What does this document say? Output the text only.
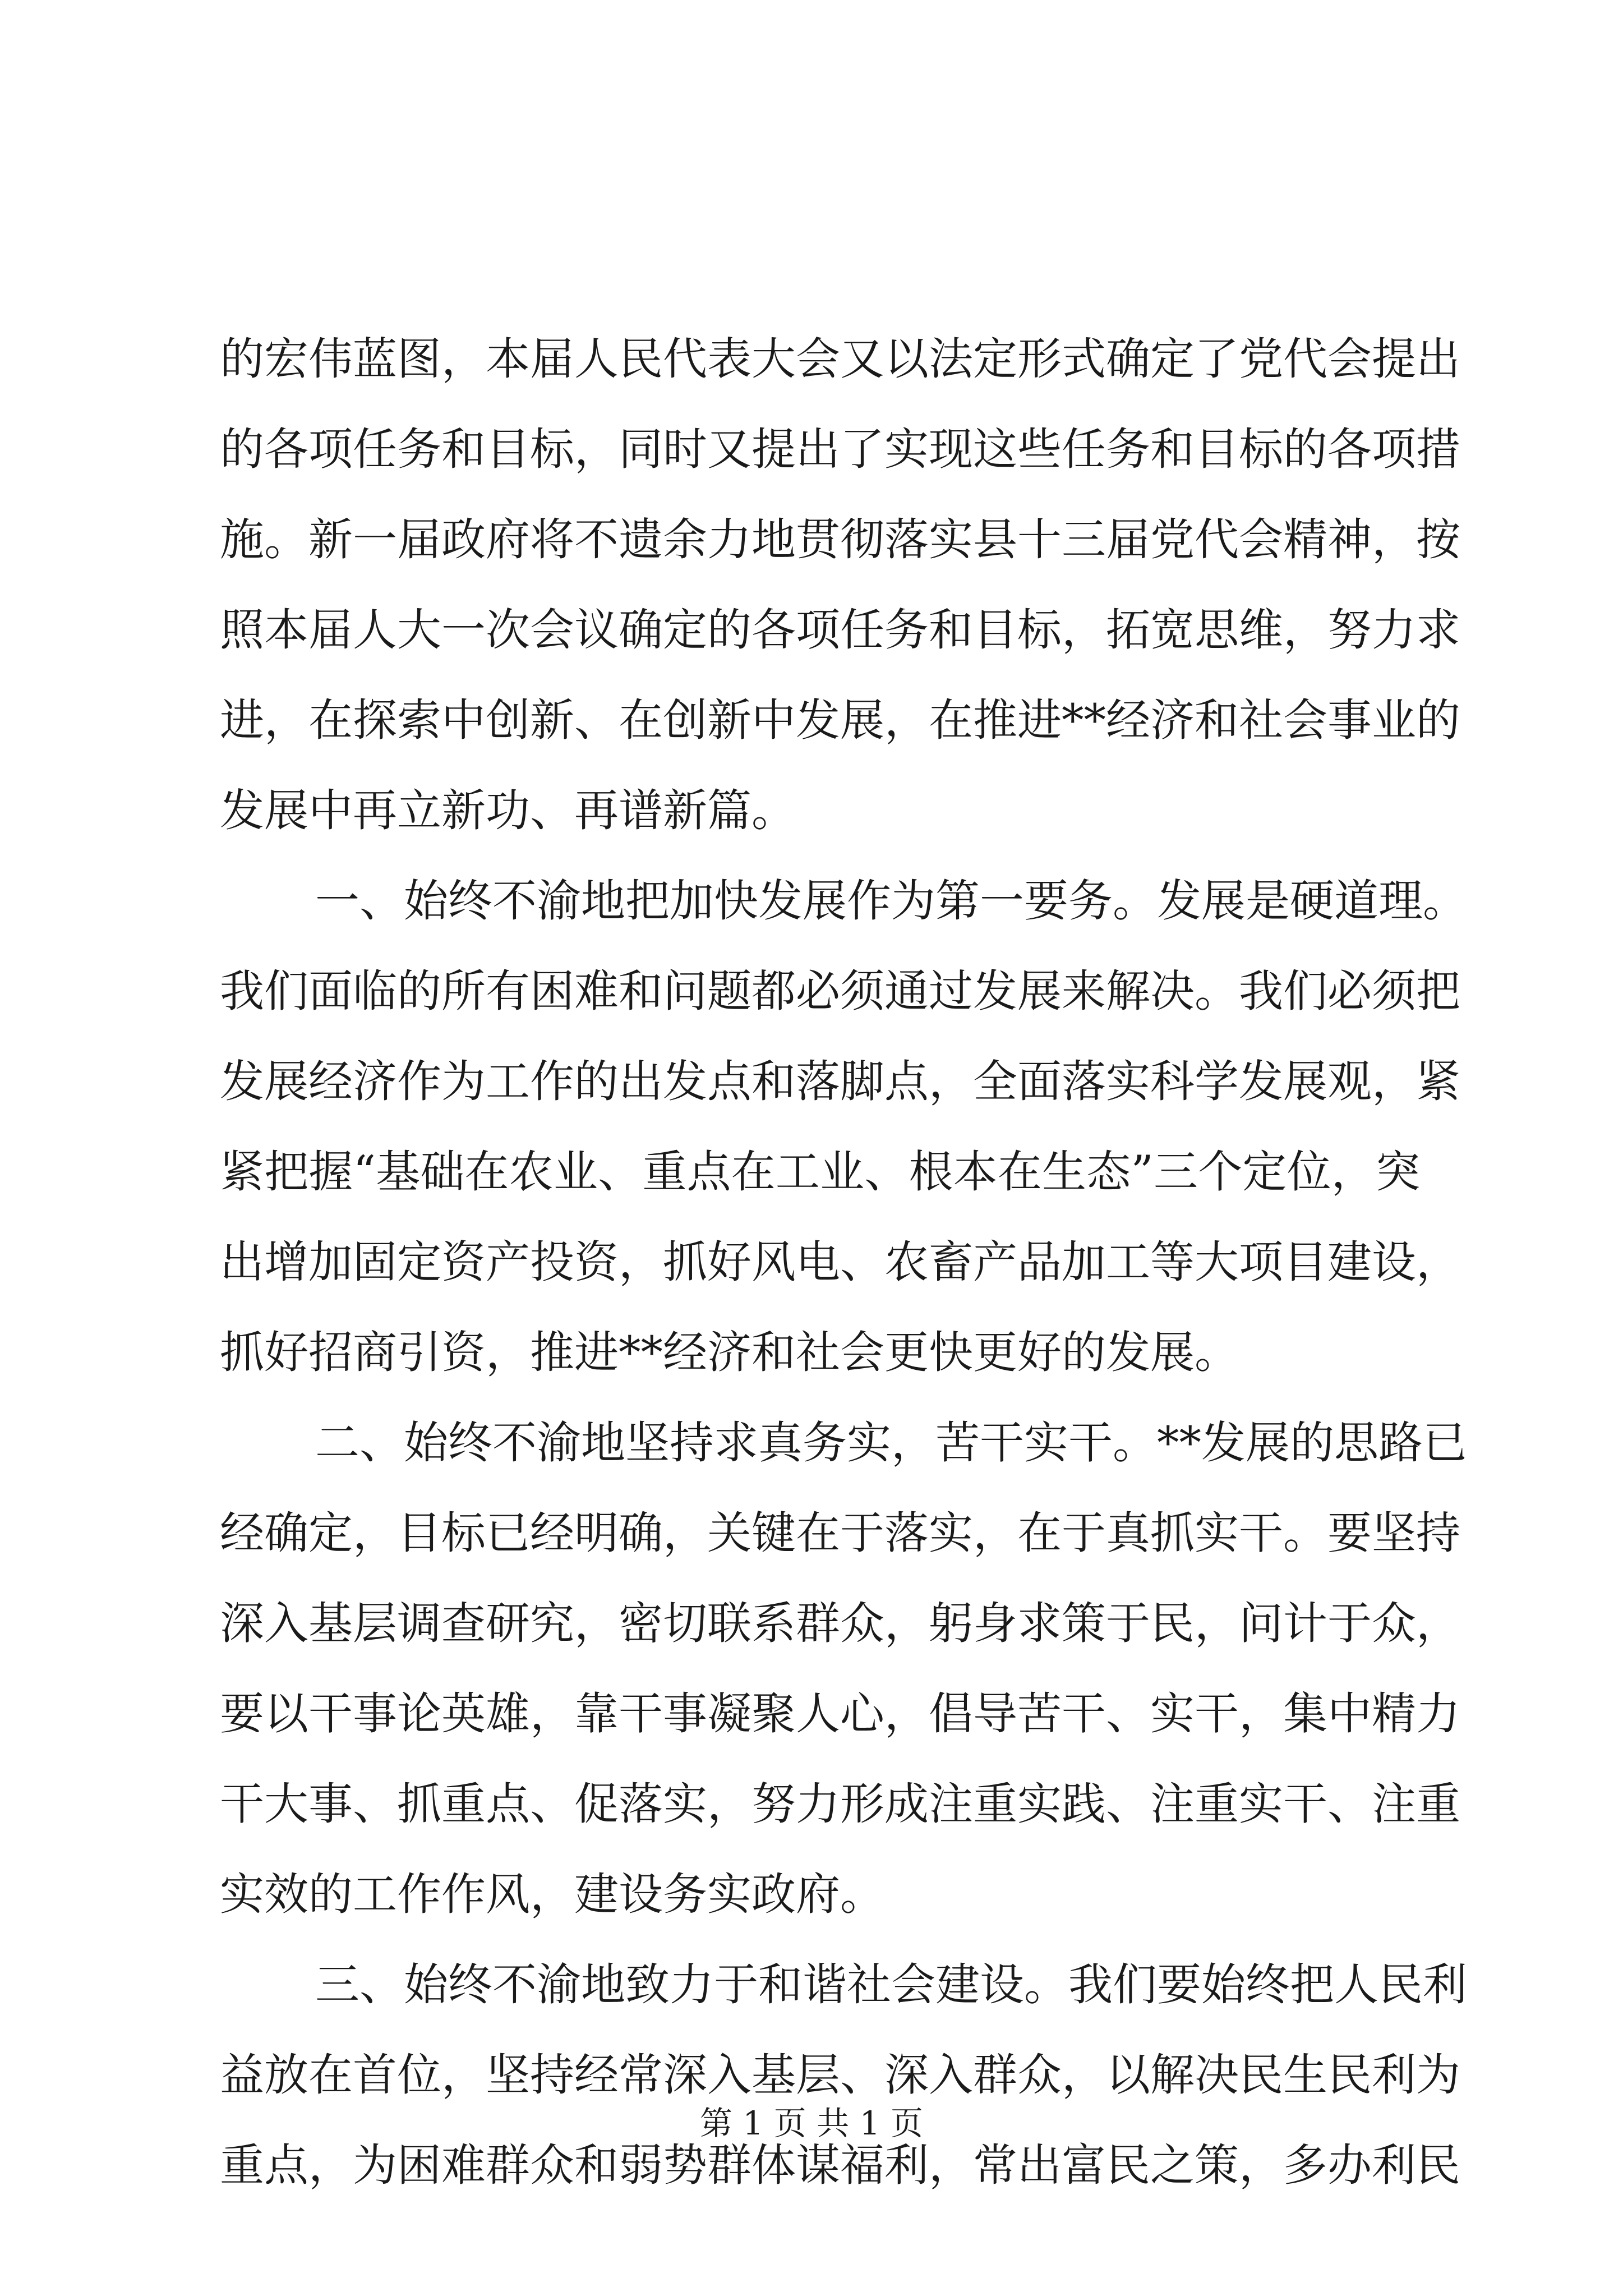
的宏伟蓝图，本届人民代表大会又以法定形式确定了党代会提出
的各项任务和目标，同时又提出了实现这些任务和目标的各项措
施。新一届政府将不遗余力地贯彻落实县十三届党代会精神，按
照本届人大一次会议确定的各项任务和目标，拓宽思维，努力求
进，在探索中创新、在创新中发展，在推进**经济和社会事业的
发展中再立新功、再谱新篇。
一、始终不渝地把加快发展作为第一要务。发展是硬道理。
我们面临的所有困难和问题都必须通过发展来解决。我们必须把
发展经济作为工作的出发点和落脚点，全面落实科学发展观，紧
紧把握“基础在农业、重点在工业、根本在生态”三个定位，突
出增加固定资产投资，抓好风电、农畜产品加工等大项目建设，
抓好招商引资，推进**经济和社会更快更好的发展。
二、始终不渝地坚持求真务实，苦干实干。**发展的思路已
经确定，目标已经明确，关键在于落实，在于真抓实干。要坚持
深入基层调查研究，密切联系群众，躬身求策于民，问计于众，
要以干事论英雄，靠干事凝聚人心，倡导苦干、实干，集中精力
干大事、抓重点、促落实，努力形成注重实践、注重实干、注重
实效的工作作风，建设务实政府。
三、始终不渝地致力于和谐社会建设。我们要始终把人民利
益放在首位，坚持经常深入基层、深入群众，以解决民生民利为
重点，为困难群众和弱势群体谋福利，常出富民之策，多办利民
第 1 页 共 1 页
